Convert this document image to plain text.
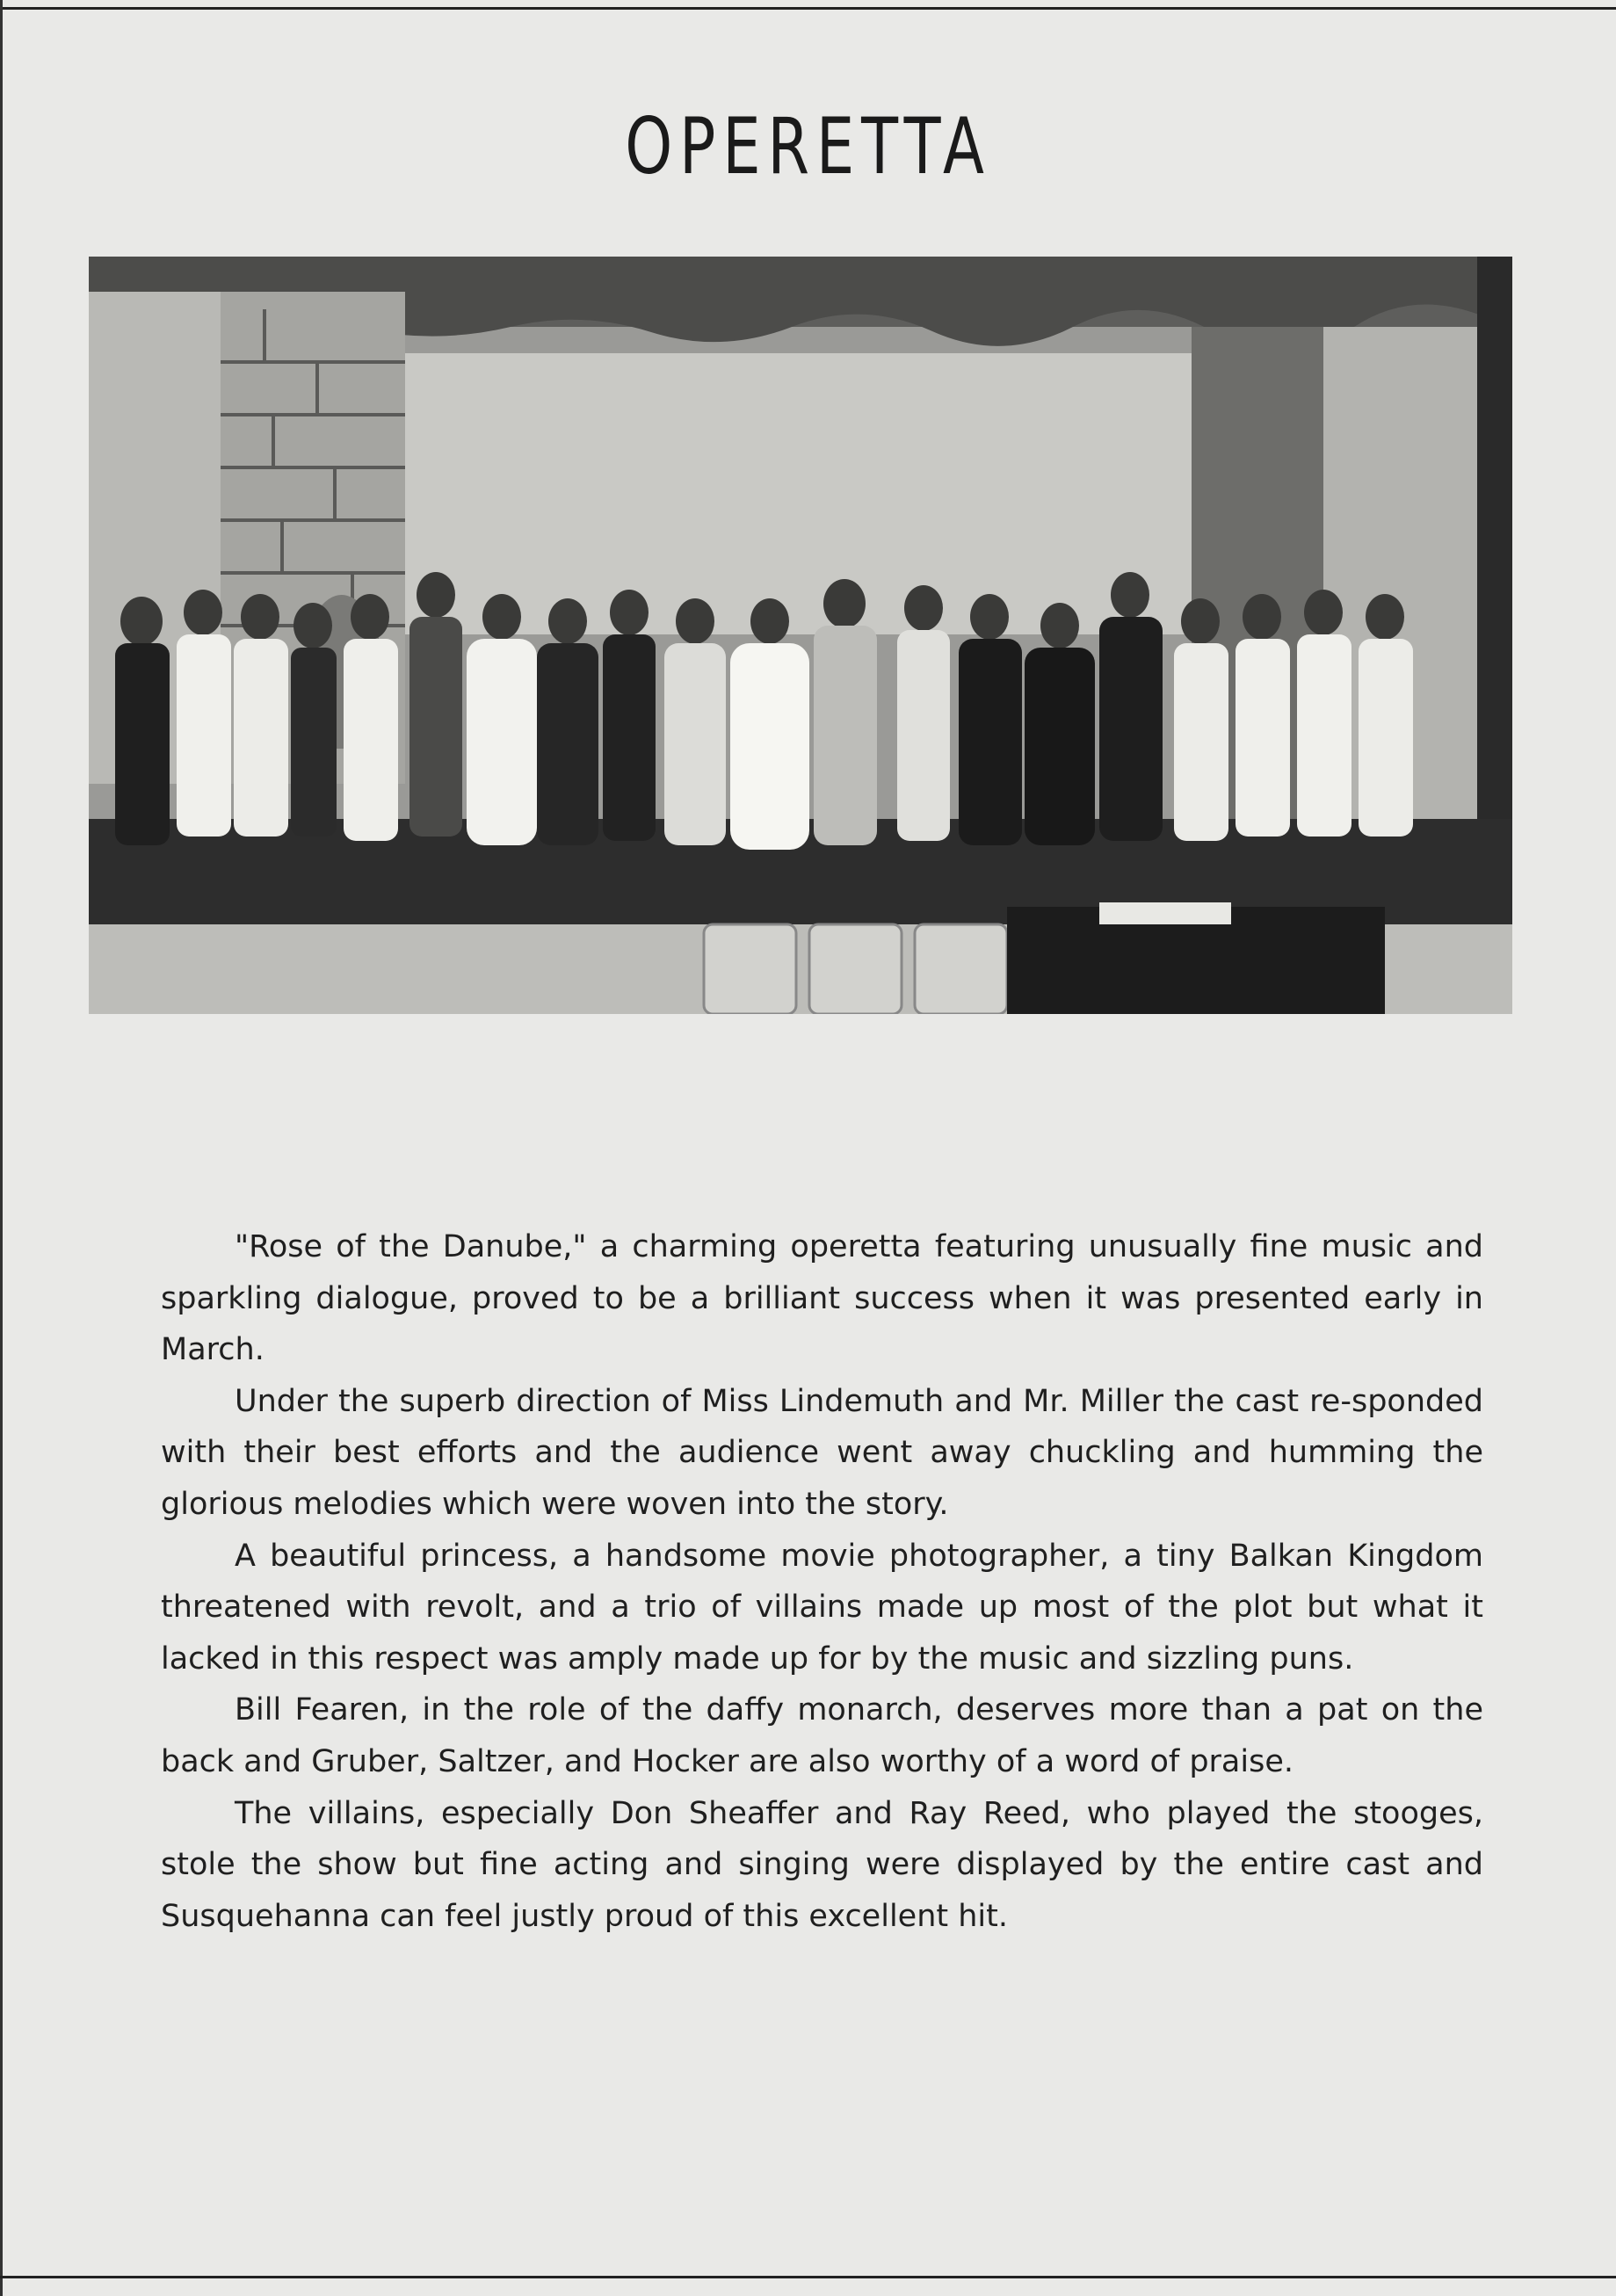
OPERETTA

"Rose of the Danube," a charming operetta featuring unusually fine music and sparkling dialogue, proved to be a brilliant success when it was presented early in March.

Under the superb direction of Miss Lindemuth and Mr. Miller the cast re-sponded with their best efforts and the audience went away chuckling and humming the glorious melodies which were woven into the story.

A beautiful princess, a handsome movie photographer, a tiny Balkan Kingdom threatened with revolt, and a trio of villains made up most of the plot but what it lacked in this respect was amply made up for by the music and sizzling puns.

Bill Fearen, in the role of the daffy monarch, deserves more than a pat on the back and Gruber, Saltzer, and Hocker are also worthy of a word of praise.

The villains, especially Don Sheaffer and Ray Reed, who played the stooges, stole the show but fine acting and singing were displayed by the entire cast and Susquehanna can feel justly proud of this excellent hit.
